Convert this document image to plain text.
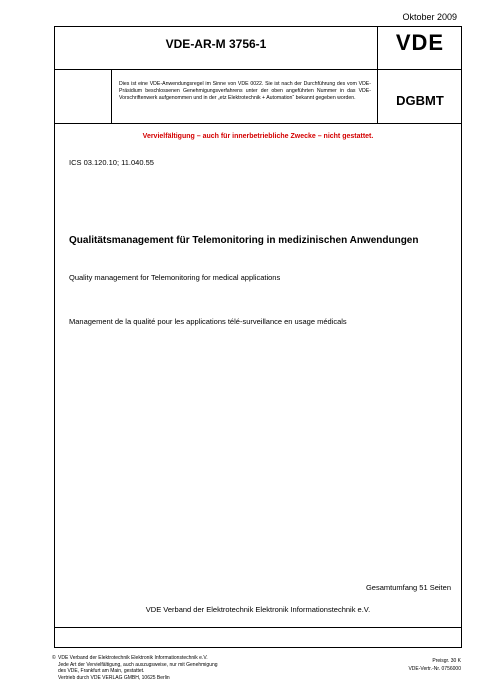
Oktober 2009
VDE-AR-M 3756-1	VDE
Dies ist eine VDE-Anwendungsregel im Sinne von VDE 0022. Sie ist nach der Durchführung des vom VDE-Präsidium beschlossenen Genehmigungsverfahrens unter der oben angeführten Nummer in das VDE-Vorschriftenwerk aufgenommen und in der „etz Elektrotechnik + Automation“ bekannt gegeben worden.	DGBMT
Vervielfältigung – auch für innerbetriebliche Zwecke – nicht gestattet.
ICS 03.120.10; 11.040.55
Qualitätsmanagement für Telemonitoring in medizinischen Anwendungen
Quality management for Telemonitoring for medical applications
Management de la qualité pour les applications télé-surveillance en usage médicals
Gesamtumfang 51 Seiten
VDE Verband der Elektrotechnik Elektronik Informationstechnik e.V.
© VDE Verband der Elektrotechnik Elektronik Informationstechnik e.V.
Jede Art der Vervielfältigung, auch auszugsweise, nur mit Genehmigung
des VDE, Frankfurt am Main, gestattet.
Vertrieb durch VDE VERLAG GMBH, 10625 Berlin
Preisgr. 30 K
VDE-Vertr.-Nr. 0756000
